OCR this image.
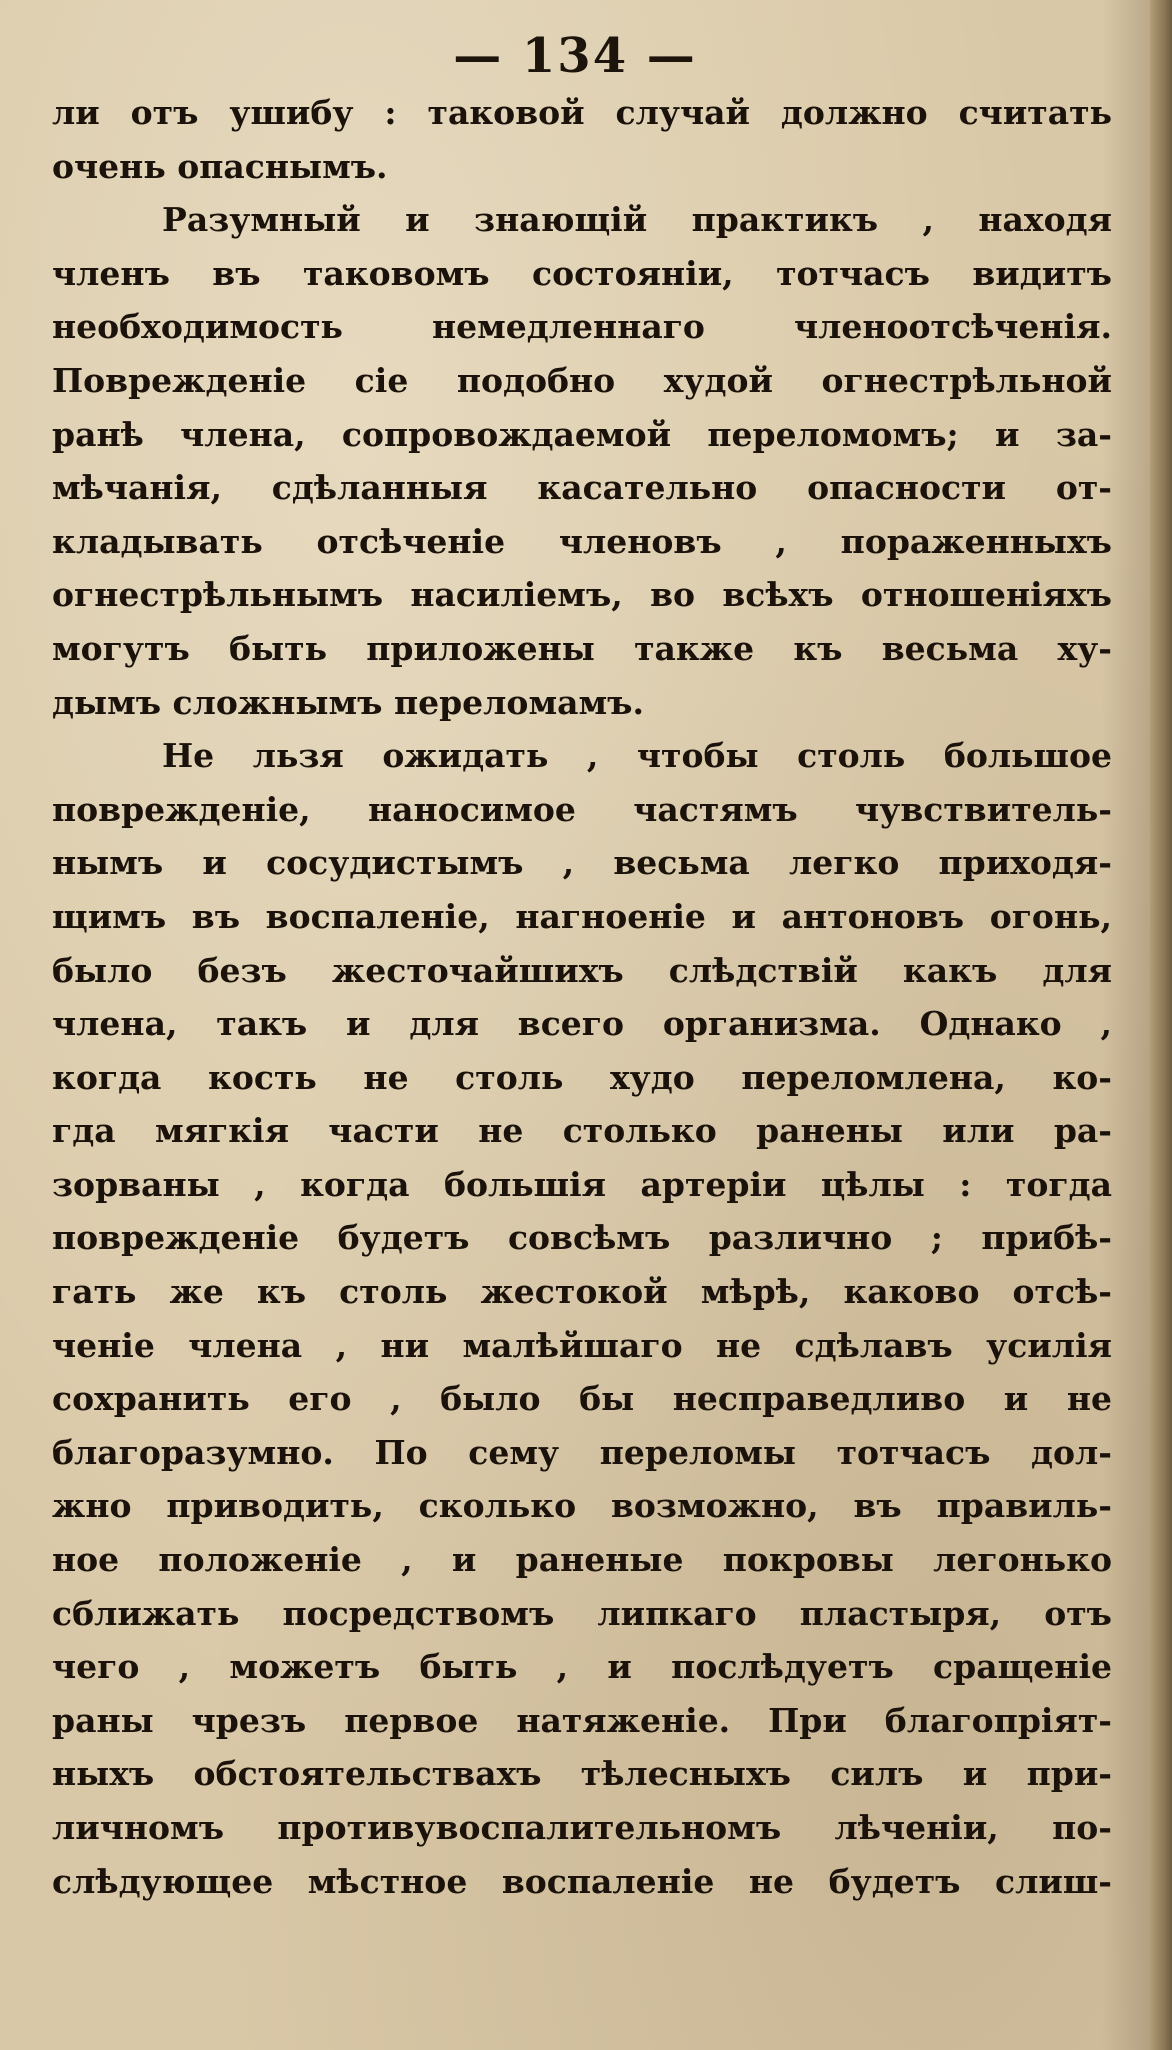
— 134 —
ли отъ ушибу : таковой случай должно считать
очень опаснымъ.
Разумный и знающій практикъ , находя
членъ въ таковомъ состояніи, тотчасъ видитъ
необходимость немедленнаго членоотсѣченія.
Поврежденіе сіе подобно худой огнестрѣльной
ранѣ члена, сопровождаемой переломомъ; и за-
мѣчанія, сдѣланныя касательно опасности от-
кладывать отсѣченіе членовъ , пораженныхъ
огнестрѣльнымъ насиліемъ, во всѣхъ отношеніяхъ
могутъ быть приложены также къ весьма ху-
дымъ сложнымъ переломамъ.
Не льзя ожидать , чтобы столь большое
поврежденіе, наносимое частямъ чувствитель-
нымъ и сосудистымъ , весьма легко приходя-
щимъ въ воспаленіе, нагноеніе и антоновъ огонь,
было безъ жесточайшихъ слѣдствій какъ для
члена, такъ и для всего организма. Однако ,
когда кость не столь худо переломлена, ко-
гда мягкія части не столько ранены или ра-
зорваны , когда большія артеріи цѣлы : тогда
поврежденіе будетъ совсѣмъ различно ; прибѣ-
гать же къ столь жестокой мѣрѣ, каково отсѣ-
ченіе члена , ни малѣйшаго не сдѣлавъ усилія
сохранить его , было бы несправедливо и не
благоразумно. По сему переломы тотчасъ дол-
жно приводить, сколько возможно, въ правиль-
ное положеніе , и раненые покровы легонько
сближать посредствомъ липкаго пластыря, отъ
чего , можетъ быть , и послѣдуетъ сращеніе
раны чрезъ первое натяженіе. При благопріят-
ныхъ обстоятельствахъ тѣлесныхъ силъ и при-
личномъ противувоспалительномъ лѣченіи, по-
слѣдующее мѣстное воспаленіе не будетъ слиш-
